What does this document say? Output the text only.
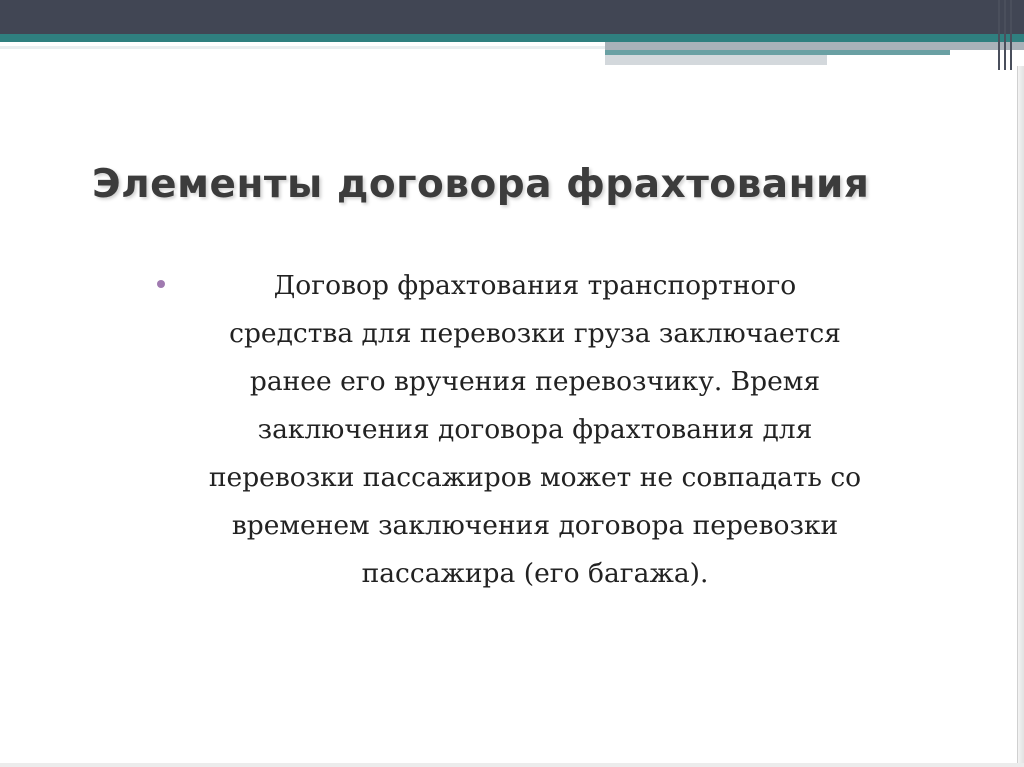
Элементы договора фрахтования
Договор фрахтования транспортного
средства для перевозки груза заключается
ранее его вручения перевозчику. Время
заключения договора фрахтования для
перевозки пассажиров может не совпадать со
временем заключения договора перевозки
пассажира (его багажа).
